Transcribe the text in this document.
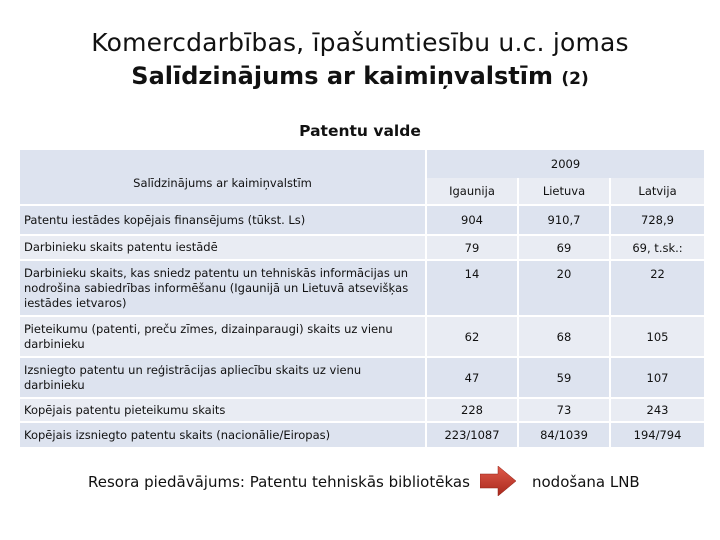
Komercdarbības, īpašumtiesību u.c. jomas
Salīdzinājums ar kaimiņvalstīm (2)
Patentu valde
Salīdzinājums ar kaimiņvalstīm	2009		
	Igaunija	Lietuva	Latvija
Patentu iestādes kopējais finansējums (tūkst. Ls)	904	910,7	728,9
Darbinieku skaits patentu iestādē	79	69	69, t.sk.:
Darbinieku skaits, kas sniedz patentu un tehniskās informācijas un nodrošina sabiedrības informēšanu (Igaunijā un Lietuvā atsevišķas iestādes ietvaros)	14	20	22
Pieteikumu (patenti, preču zīmes, dizainparaugi) skaits uz vienu darbinieku	62	68	105
Izsniegto patentu un reģistrācijas apliecību skaits uz vienu darbinieku	47	59	107
Kopējais patentu pieteikumu skaits	228	73	243
Kopējais izsniegto patentu skaits (nacionālie/Eiropas)	223/1087	84/1039	194/794
Resora piedāvājums: Patentu tehniskās bibliotēkas	nodošana LNB
